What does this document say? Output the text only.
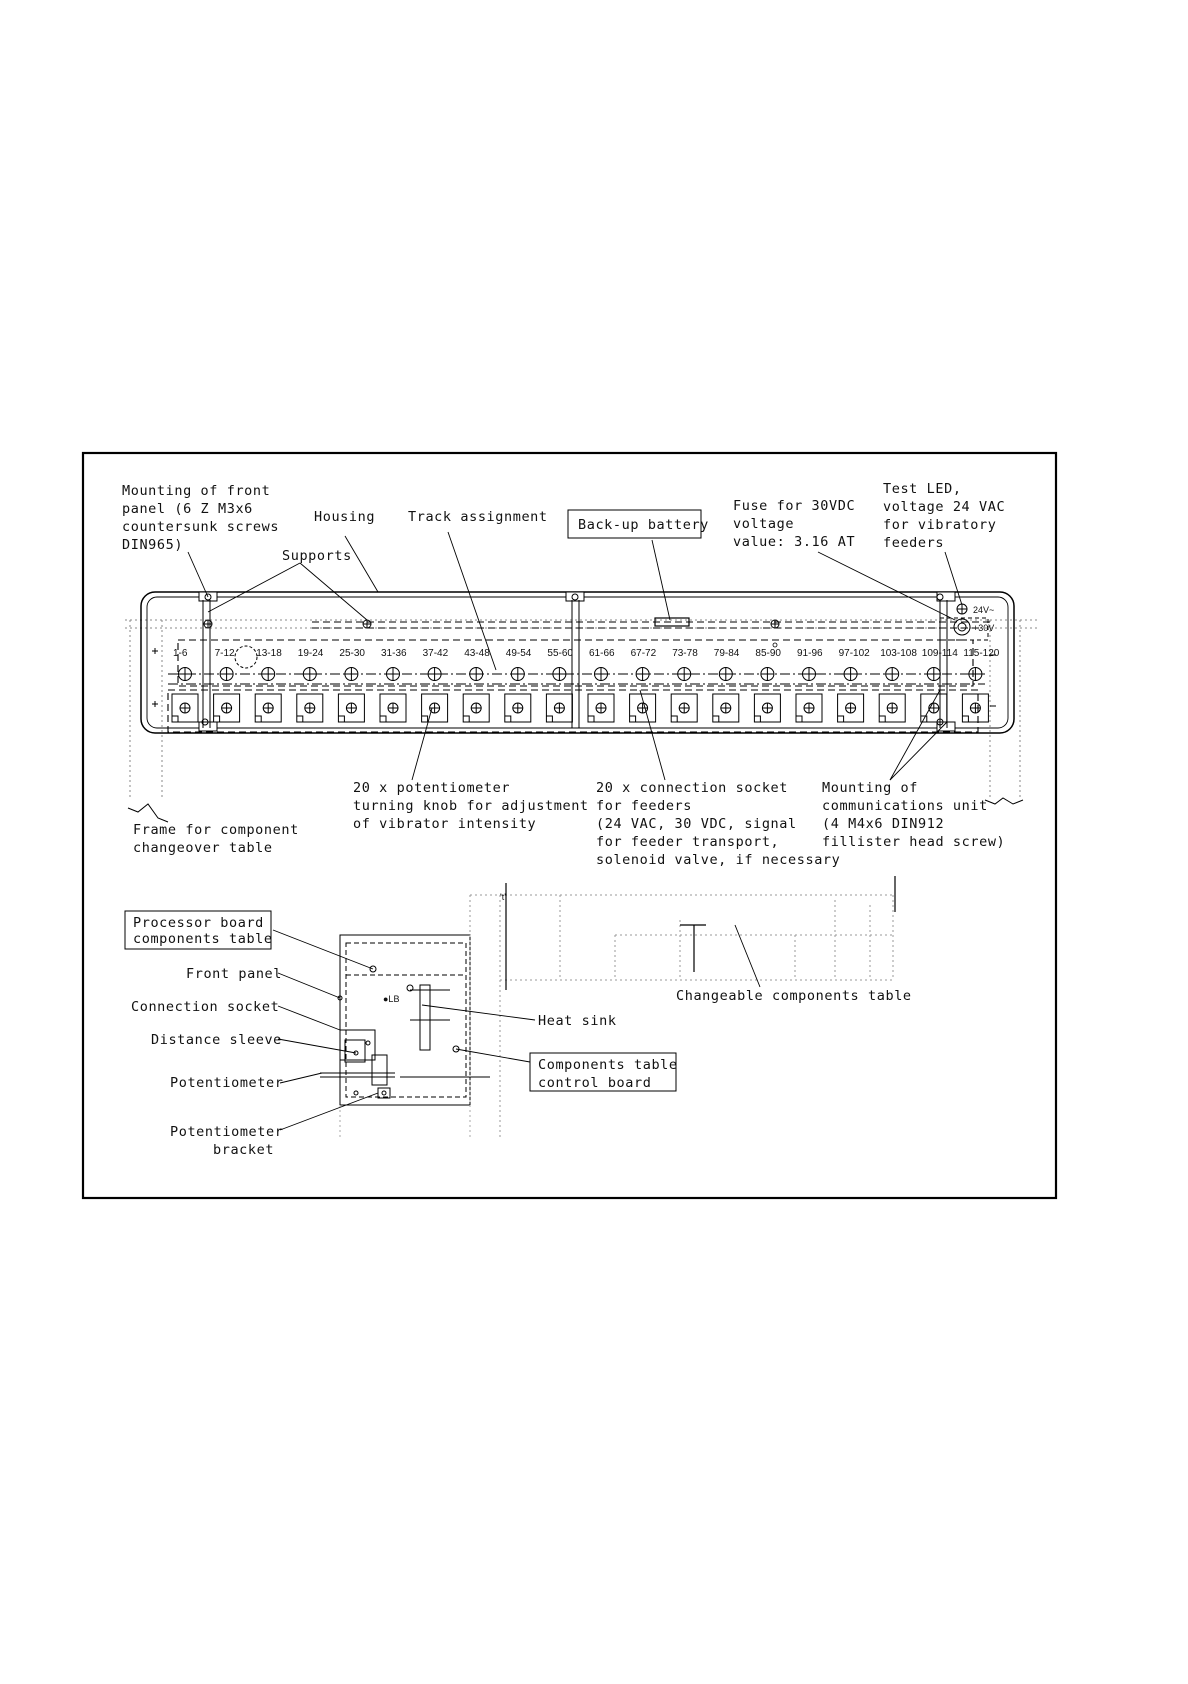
1-6	7-12 13-18 19-24 25-30 31-36 37-42 43-48 49-54 55-60 61-66 67-72 73-78 79-84 85-90 91-96 97-102 103-108 109-114 115-120
24V~
+30V
Mounting of front panel (6 Z M3x6 countersunk screws DIN965)
Housing
Supports
Track assignment Back-up battery
Fuse for 30VDC voltage value: 3.16 AT
Test LED, voltage 24 VAC for vibratory feeders
20 x potentiometer turning knob for adjustment of vibrator intensity
20 x connection socket for feeders (24 VAC, 30 VDC, signal for feeder transport, solenoid valve, if necessary
Mounting of communications unit (4 M4x6 DIN912 fillister head screw)
Frame for component changeover table
't'
Changeable components table
●LB
Processor board components table
Front panel
Connection socket
Distance sleeve
Potentiometer
Potentiometer bracket
Heat sink
Components table control board
